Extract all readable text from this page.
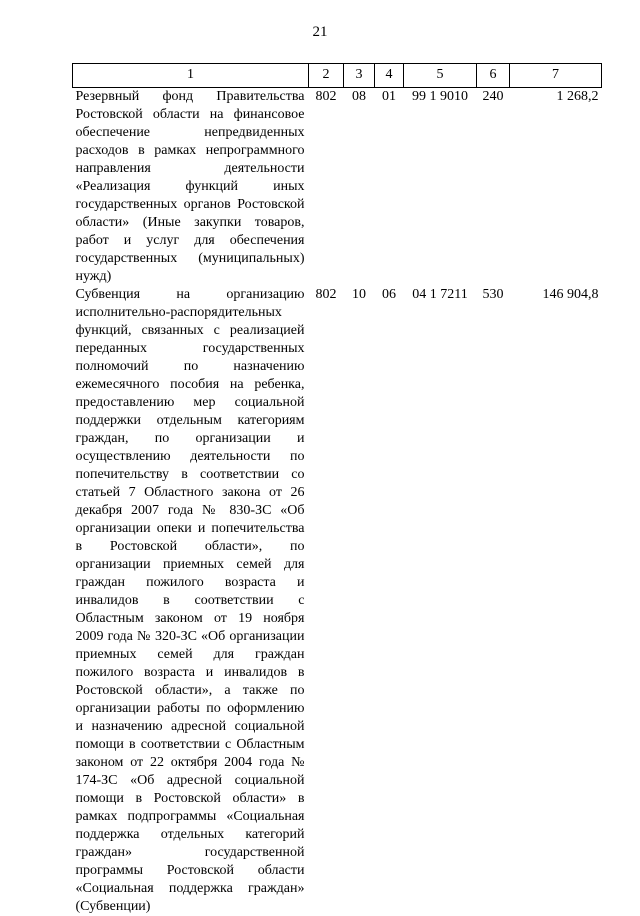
21
1	2	3	4	5	6	7
Резервный фонд Правительства Ростовской области на финансовое обеспечение непредвиденных расходов в рамках непрограммного направления деятельности «Реализация функций иных государственных органов Ростовской области» (Иные закупки товаров, работ и услуг для обеспечения государственных (муниципальных) нужд)	802	08	01	99 1 9010	240	1 268,2
Субвенция на организацию исполнительно-распорядительных функций, связанных с реализацией переданных государственных полномочий по назначению ежемесячного пособия на ребенка, предоставлению мер социальной поддержки отдельным категориям граждан, по организации и осуществлению деятельности по попечительству в соответствии со статьей 7 Областного закона от 26 декабря 2007 года № 830-ЗС «Об организации опеки и попечительства в Ростовской области», по организации приемных семей для граждан пожилого возраста и инвалидов в соответствии с Областным законом от 19 ноября 2009 года № 320-ЗС «Об организации приемных семей для граждан пожилого возраста и инвалидов в Ростовской области», а также по организации работы по оформлению и назначению адресной социальной помощи в соответствии с Областным законом от 22 октября 2004 года № 174-ЗС «Об адресной социальной помощи в Ростовской области» в рамках подпрограммы «Социальная поддержка отдельных категорий граждан» государственной программы Ростовской области «Социальная поддержка граждан» (Субвенции)	802	10	06	04 1 7211	530	146 904,8
